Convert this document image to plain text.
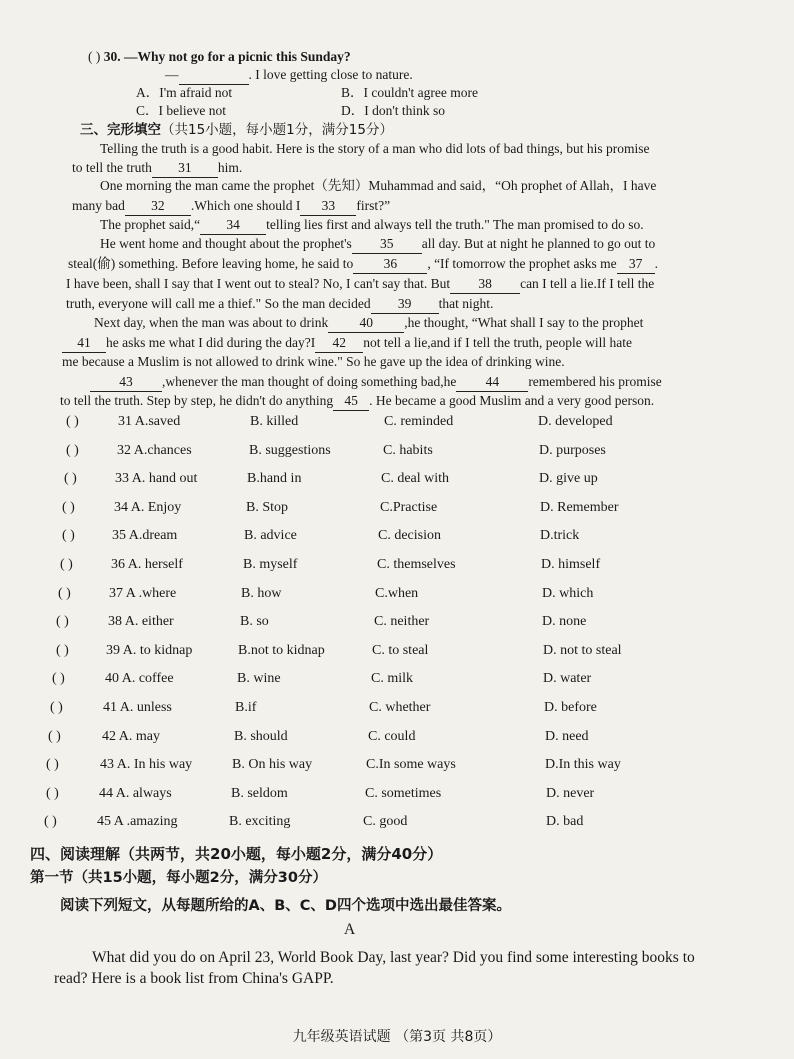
( ) 30. —Why not go for a picnic this Sunday?
—	. I love getting close to nature.
A．I'm afraid not	B．I couldn't agree more
C．I believe not	D．I don't think so
三、完形填空（共15小题，每小题1分，满分15分）
Telling the truth is a good habit. Here is the story of a man who did lots of bad things, but his promise
to tell the truth 31 him.
One morning the man came the prophet（先知）Muhammad and said，“Oh prophet of Allah，I have
many bad 32 .Which one should I 33 first?”
The prophet said,“ 34 telling lies first and always tell the truth." The man promised to do so.
He went home and thought about the prophet's 35 all day. But at night he planned to go out to
steal(偷) something. Before leaving home, he said to 36 , “If tomorrow the prophet asks me 37 .
I have been, shall I say that I went out to steal? No, I can't say that. But 38 can I tell a lie.If I tell the
truth, everyone will call me a thief." So the man decided 39 that night.
Next day, when the man was about to drink 40 ,he thought, “What shall I say to the prophet
41 he asks me what I did during the day?I 42 not tell a lie,and if I tell the truth, people will hate
me because a Muslim is not allowed to drink wine." So he gave up the idea of drinking wine.
43 ,whenever the man thought of doing something bad,he 44 remembered his promise
to tell the truth. Step by step, he didn't do anything 45 . He became a good Muslim and a very good person.
( )	31 A.saved	B. killed	C. reminded	D. developed
( )	32 A.chances	B. suggestions	C. habits	D. purposes
( )	33 A. hand out	B.hand in	C. deal with	D. give up
( )	34 A. Enjoy	B. Stop	C.Practise	D. Remember
( )	35 A.dream	B. advice	C. decision	D.trick
( )	36 A. herself	B. myself	C. themselves	D. himself
( )	37 A .where	B. how	C.when	D. which
( )	38 A. either	B. so	C. neither	D. none
( )	39 A. to kidnap	B.not to kidnap	C. to steal	D. not to steal
( )	40 A. coffee	B. wine	C. milk	D. water
( )	41 A. unless	B.if	C. whether	D. before
( )	42 A. may	B. should	C. could	D. need
( )	43 A. In his way	B. On his way	C.In some ways	D.In this way
( )	44 A. always	B. seldom	C. sometimes	D. never
( )	45 A .amazing	B. exciting	C. good	D. bad
四、阅读理解（共两节，共20小题，每小题2分，满分40分）
第一节（共15小题，每小题2分，满分30分）
阅读下列短文，从每题所给的A、B、C、D四个选项中选出最佳答案。
A
What did you do on April 23, World Book Day, last year? Did you find some interesting books to
read? Here is a book list from China's GAPP.
九年级英语试题 （第3页 共8页）
